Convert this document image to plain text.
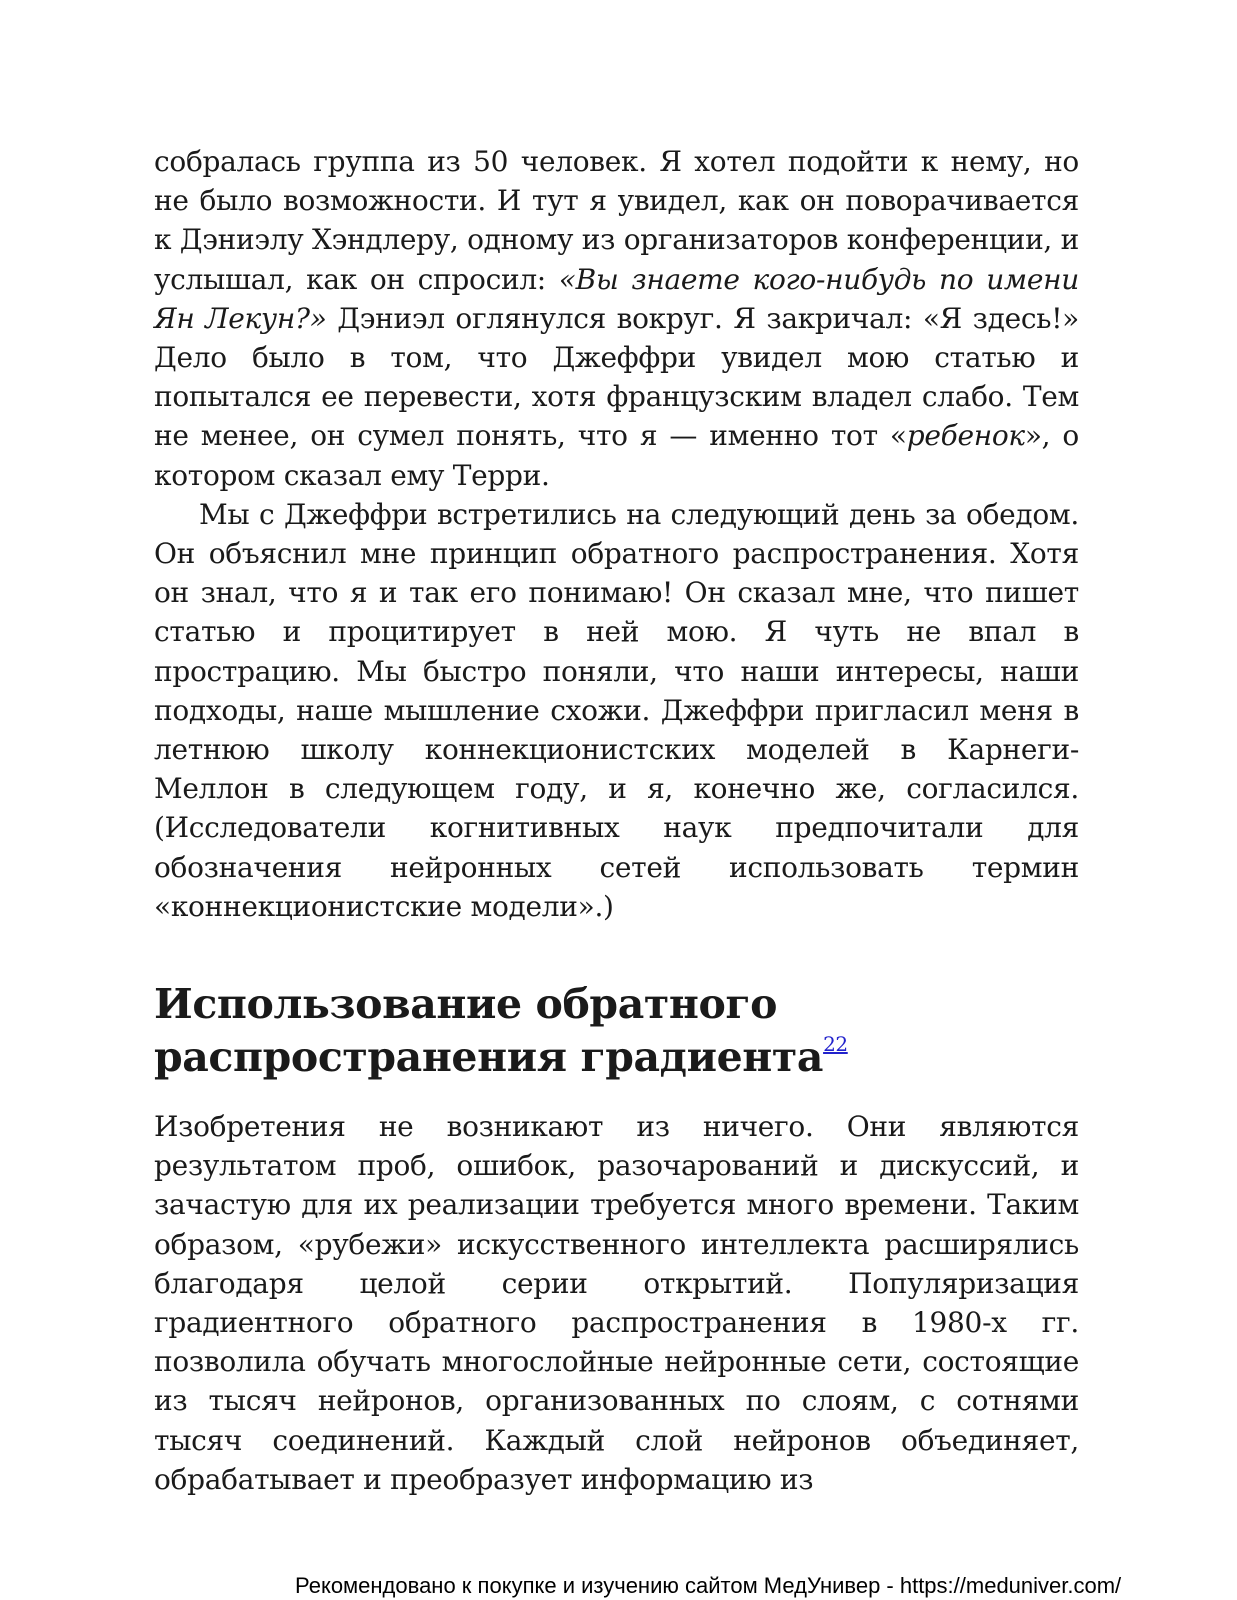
собралась группа из 50 человек. Я хотел подойти к нему, но не было возможности. И тут я увидел, как он поворачивается к Дэниэлу Хэндлеру, одному из организаторов конференции, и услышал, как он спросил: «Вы знаете кого-нибудь по имени Ян Лекун?» Дэниэл оглянулся вокруг. Я закричал: «Я здесь!» Дело было в том, что Джеффри увидел мою статью и попытался ее перевести, хотя французским владел слабо. Тем не менее, он сумел понять, что я — именно тот «ребенок», о котором сказал ему Терри.

Мы с Джеффри встретились на следующий день за обедом. Он объяснил мне принцип обратного распространения. Хотя он знал, что я и так его понимаю! Он сказал мне, что пишет статью и процитирует в ней мою. Я чуть не впал в прострацию. Мы быстро поняли, что наши интересы, наши подходы, наше мышление схожи. Джеффри пригласил меня в летнюю школу коннекционистских моделей в Карнеги-Меллон в следующем году, и я, конечно же, согласился. (Исследователи когнитивных наук предпочитали для обозначения нейронных сетей использовать термин «коннекционистские модели».)

Использование обратного распространения градиента$^{22}$

Изобретения не возникают из ничего. Они являются результатом проб, ошибок, разочарований и дискуссий, и зачастую для их реализации требуется много времени. Таким образом, «рубежи» искусственного интеллекта расширялись благодаря целой серии открытий. Популяризация градиентного обратного распространения в 1980-х гг. позволила обучать многослойные нейронные сети, состоящие из тысяч нейронов, организованных по слоям, с сотнями тысяч соединений. Каждый слой нейронов объединяет, обрабатывает и преобразует информацию из

Рекомендовано к покупке и изучению сайтом МедУнивер - https://meduniver.com/
